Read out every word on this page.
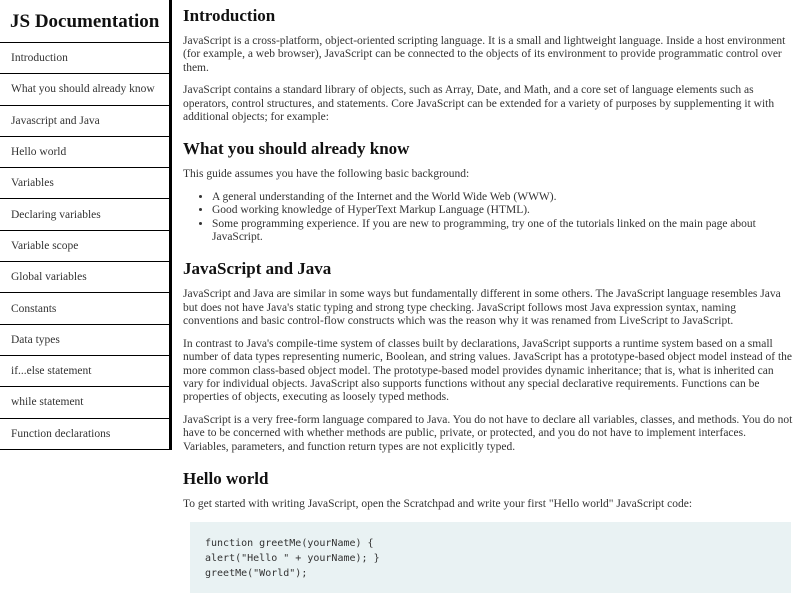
JS Documentation
Introduction
What you should already know
Javascript and Java
Hello world
Variables
Declaring variables
Variable scope
Global variables
Constants
Data types
if...else statement
while statement
Function declarations
Introduction

JavaScript is a cross-platform, object-oriented scripting language. It is a small and lightweight language. Inside a host environment (for example, a web browser), JavaScript can be connected to the objects of its environment to provide programmatic control over them.

JavaScript contains a standard library of objects, such as Array, Date, and Math, and a core set of language elements such as operators, control structures, and statements. Core JavaScript can be extended for a variety of purposes by supplementing it with additional objects; for example:

What you should already know

This guide assumes you have the following basic background:

• A general understanding of the Internet and the World Wide Web (WWW).
• Good working knowledge of HyperText Markup Language (HTML).
• Some programming experience. If you are new to programming, try one of the tutorials linked on the main page about JavaScript.
JavaScript and Java

JavaScript and Java are similar in some ways but fundamentally different in some others. The JavaScript language resembles Java but does not have Java's static typing and strong type checking. JavaScript follows most Java expression syntax, naming conventions and basic control-flow constructs which was the reason why it was renamed from LiveScript to JavaScript.

In contrast to Java's compile-time system of classes built by declarations, JavaScript supports a runtime system based on a small number of data types representing numeric, Boolean, and string values. JavaScript has a prototype-based object model instead of the more common class-based object model. The prototype-based model provides dynamic inheritance; that is, what is inherited can vary for individual objects. JavaScript also supports functions without any special declarative requirements. Functions can be properties of objects, executing as loosely typed methods.

JavaScript is a very free-form language compared to Java. You do not have to declare all variables, classes, and methods. You do not have to be concerned with whether methods are public, private, or protected, and you do not have to implement interfaces. Variables, parameters, and function return types are not explicitly typed.

Hello world

To get started with writing JavaScript, open the Scratchpad and write your first "Hello world" JavaScript code:

function greetMe(yourName) {
alert("Hello " + yourName); }
greetMe("World");
